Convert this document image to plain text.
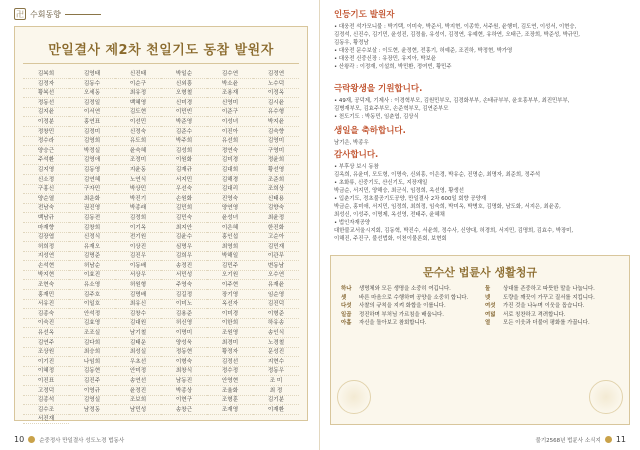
卍 수회동향
만일결사 제2차 천일기도 동참 발원자
김복희	김영태	신진태	박일순	김수연	김정연
김정자	김동수	이순구	신외흥	박소윤	노수덕
황복선	오세동	최유정	오형철	조용재	이정옥
정동선	김정일	백혜영	신미경	신영미	김시윤
김지윤	이서연	김도현	이민빈	이준구	유수형
이정분	홍연표	이선민	박준영	이성녀	박지윤
정창민	김정미	신정숙	김준수	이진아	김숙향
정수라	김영희	유도희	박주희	유선희	김영미
양승근	박정실	윤숙혜	김성희	정연숙	구영미
주석환	김영애	조정미	이원화	김미경	정윤희
김지영	김동영	지윤동	김재규	김대희	황선영
신소정	김연혜	노연식	서지민	김해경	조준희
구홍신	구자민	박상민	우선숙	김대리	조희상
양순열	최운화	박진기	손원화	진영숙	신태용
전남숙	권진영	박종래	김민희	양연영	김향숙
백남규	김동전	김정희	김민숙	윤성녀	최윤정
마재향	김창희	이기옥	최지안	이은혜	한진화
김장엽	신정식	전기원	김윤수	홍인섭	고순아
허희정	유재오	이상진	심명우	최영희	김민재
지성연	김명준	김진우	김희우	박해일	이관무
손석현	허남순	이동배	송정진	김민주	변동남
박지현	이효진	서상우	서민성	오기원	오수연
조현숙	유소영	허원형	주영숙	이주현	유재윤
홍재민	김주호	김명배	김길정	장기영	임순영
서유진	이일호	최유신	이미노	옥선자	김진덕
김종숙	안석정	김창수	김용준	이미경	이형준
이숙진	김효영	김대원	허신영	이한희	하유송
유선옥	조조실	남기철	이명미	조원영	송인식
김연주	김다희	김태운	양성욱	최경미	노경철
조상원	최승희	최성실	정동현	황정자	문성진
이기진	나임희	우초선	이형숙	김정선	지현수
이혜정	김동현	안미정	최창식	정수정	정동우
이진표	김진주	송연선	남동진	안영현	조 미
고정덕	이영규	윤정진	박종상	조율화	최 정
김종석	김영실	조보희	이현구	조형훈	김기분
김수조	남정동	남민성	송창근	조재영	이재환
서진재
10	순중정사 만일결사 성도노경 법동사
인등기도 발원자
• 대웅전 석가모니불 : 박기택, 이미숙, 박준서, 박지현, 이종학, 서주원, 윤행미, 김도연, 이성서, 이현승,
김정석, 신진수, 김기민, 윤성진, 김정율, 유성이, 김정연, 유예현, 유하연, 오태근, 조장희, 박준성, 박규민,
김동우, 황정남
• 대웅전 문수보살 : 이도현, 윤정현, 전홍기, 허예준, 조진하, 박정현, 박가영
• 대웅전 신중신장 : 유장민, 유지아, 박보윤
• 산왕각 : 이정재, 이설희, 박민환, 정여빈, 황민주
극락왕생을 기원합니다.
• 49재, 공덕제, 기제사 : 이경혁부모, 김원민부모, 김경화부부, 손태규부부, 윤호흥부부, 최진민부부,
김병재부모, 김효주부모, 손준혁부모, 김연준부모
• 천도기도 : 박동민, 임춘엽, 김상식
생일을 축하합니다.
남기은, 박종우
감사합니다.
• 부후상 보시 동참
김옥희, 유윤미, 모도형, 이명숙, 신외흥, 이은경, 박유순, 진명순, 최명자, 최준희, 정주석
• 초화류, 신중기도, 산신기도, 지장재일
박금순, 서지민, 양해승, 최군식, 임정희, 옥선영, 황생선
• 입춘기도, 정초불공기도공양, 만일결사 2차 600일 회향 공양재
박금순, 홍미애, 서지민, 임정희, 최희정, 임숙희, 박미옥, 박병호, 김명화, 남도화, 서지은, 최윤종,
최성신, 이성주, 이명제, 옥선영, 전태주, 윤혜채
• 법인자재공양
대한불교서울시지회, 김동혁, 박진수, 서윤희, 정수사, 신양대, 허경희, 서지민, 김명희, 김효수, 박장미,
이해진, 주진구, 불선법화, 이천이물론회, 보현회
문수산 법륜사 생활청규
하나	생명체와 모든 생명을 소중히 여깁니다.	둘	상대를 존중하고 따뜻한 말을 나눕니다.
셋	바른 마음으로 수행하며 공양을 소중히 합니다.	넷	도량을 깨끗이 가꾸고 질서를 지킵니다.
다섯	사찰의 규칙을 지켜 화합을 이룹니다.	여섯	가진 것을 나누며 이웃을 돕습니다.
일곱	정진하며 부처님 가르침을 배웁니다.	여덟	서로 칭찬하고 격려합니다.
아홉	자신을 돌아보고 참회합니다.	열	모든 이웃과 더불어 평화를 가꿉니다.
불기2568년 법륜사 소식지 11
